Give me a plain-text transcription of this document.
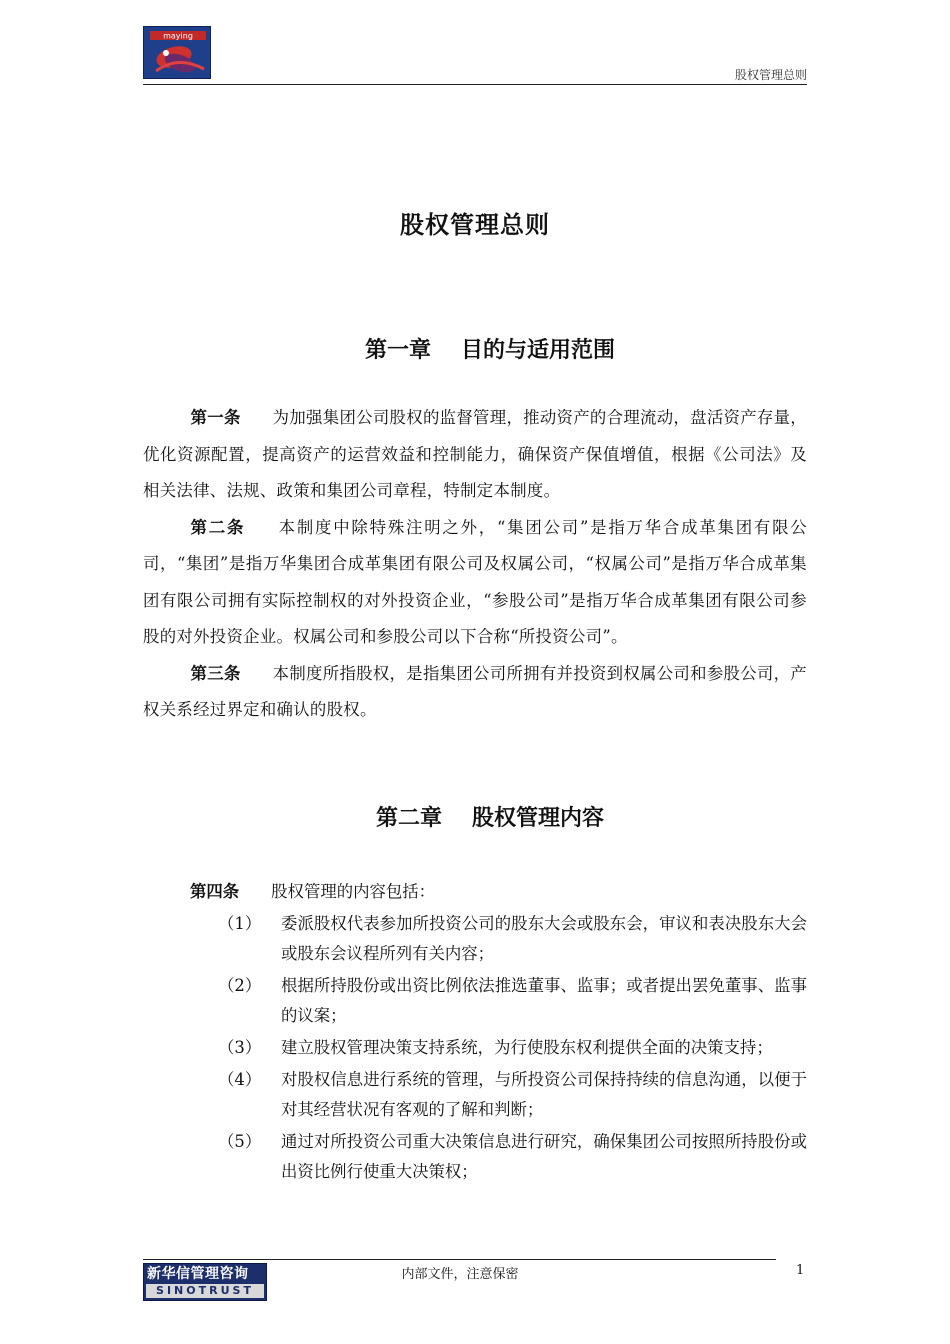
maying
股权管理总则
股权管理总则
第一章 目的与适用范围

第一条 为加强集团公司股权的监督管理，推动资产的合理流动，盘活资产存量，优化资源配置，提高资产的运营效益和控制能力，确保资产保值增值，根据《公司法》及相关法律、法规、政策和集团公司章程，特制定本制度。

第二条 本制度中除特殊注明之外，“集团公司”是指万华合成革集团有限公司，“集团”是指万华集团合成革集团有限公司及权属公司，“权属公司”是指万华合成革集团有限公司拥有实际控制权的对外投资企业，“参股公司”是指万华合成革集团有限公司参股的对外投资企业。权属公司和参股公司以下合称“所投资公司”。

第三条 本制度所指股权，是指集团公司所拥有并投资到权属公司和参股公司，产权关系经过界定和确认的股权。

第二章 股权管理内容

第四条 股权管理的内容包括：

（1） 委派股权代表参加所投资公司的股东大会或股东会，审议和表决股东大会或股东会议程所列有关内容；
（2） 根据所持股份或出资比例依法推选董事、监事；或者提出罢免董事、监事的议案；
（3） 建立股权管理决策支持系统，为行使股东权利提供全面的决策支持；
（4） 对股权信息进行系统的管理，与所投资公司保持持续的信息沟通，以便于对其经营状况有客观的了解和判断；
（5） 通过对所投资公司重大决策信息进行研究，确保集团公司按照所持股份或出资比例行使重大决策权；
新华信管理咨询
SINOTRUST
内部文件，注意保密	1
